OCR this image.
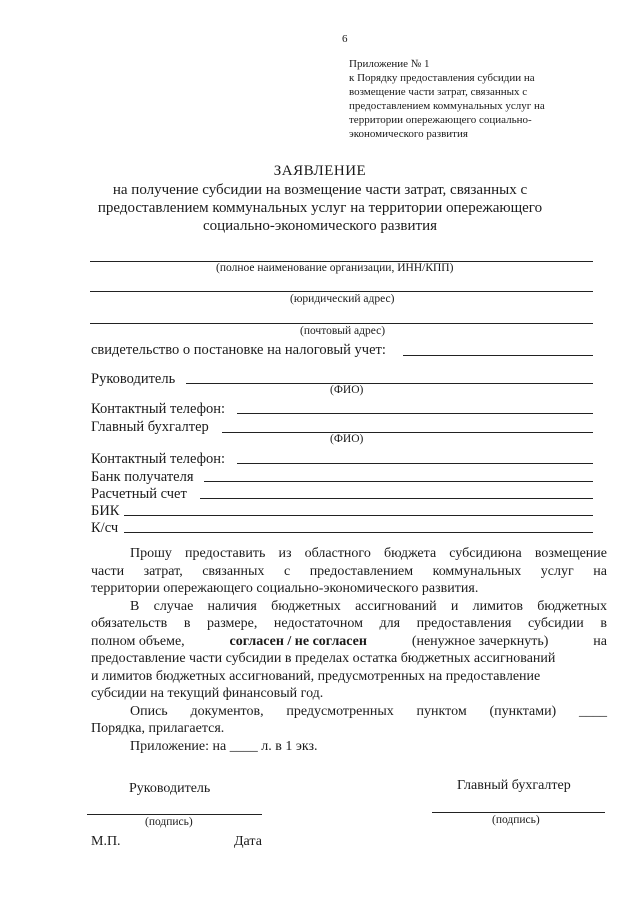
6
Приложение № 1
к Порядку предоставления субсидии на
возмещение части затрат, связанных с
предоставлением коммунальных услуг на
территории опережающего социально-
экономического развития
ЗАЯВЛЕНИЕ
на получение субсидии на возмещение части затрат, связанных с
предоставлением коммунальных услуг на территории опережающего
социально-экономического развития
(полное наименование организации, ИНН/КПП)
(юридический адрес)
(почтовый адрес)
свидетельство о постановке на налоговый учет:
Руководитель
(ФИО)
Контактный телефон:
Главный бухгалтер
(ФИО)
Контактный телефон:
Банк получателя
Расчетный счет
БИК
К/сч
Прошу предоставить из областного бюджета субсидиюна возмещение
части затрат, связанных с предоставлением коммунальных услуг на
территории опережающего социально-экономического развития.
В случае наличия бюджетных ассигнований и лимитов бюджетных
обязательств в размере, недостаточном для предоставления субсидии в
полном объеме,	согласен / не согласен	(ненужное зачеркнуть)	на
предоставление части субсидии в пределах остатка бюджетных ассигнований
и лимитов бюджетных ассигнований, предусмотренных на предоставление
субсидии на текущий финансовый год.
Опись документов, предусмотренных пунктом (пунктами) ____
Порядка, прилагается.
Приложение: на ____ л. в 1 экз.
Руководитель	Главный бухгалтер
(подпись)	(подпись)
М.П.	Дата
